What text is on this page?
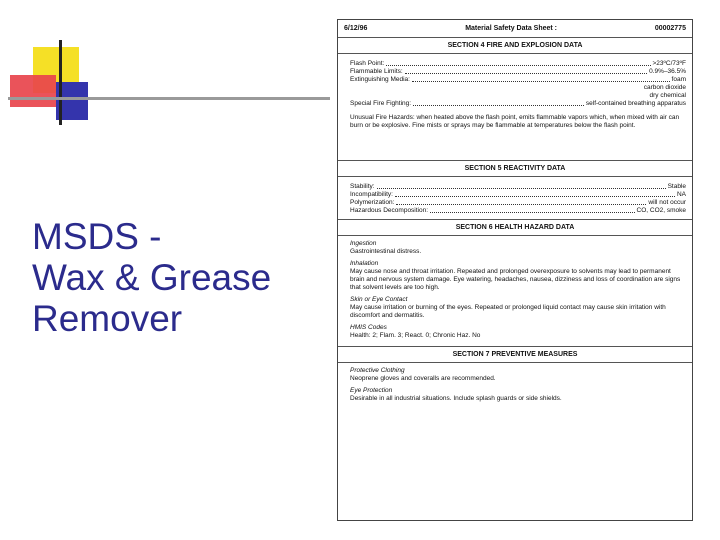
MSDS -
Wax & Grease
Remover
6/12/96	Material Safety Data Sheet :	00002775
SECTION 4 FIRE AND EXPLOSION DATA
Flash Point:	>23ºC/73ºF
Flammable Limits:	0.9%–36.5%
Extinguishing Media:	foam
carbon dioxide
dry chemical
Special Fire Fighting:	self-contained breathing apparatus
Unusual Fire Hazards: when heated above the flash point, emits flammable vapors which, when mixed with air can burn or be explosive. Fine mists or sprays may be flammable at temperatures below the flash point.
SECTION 5 REACTIVITY DATA
Stability:	Stable
Incompatibility:	NA
Polymerization:	will not occur
Hazardous Decomposition:	CO, CO2, smoke
SECTION 6 HEALTH HAZARD DATA
Ingestion
Gastrointestinal distress.
Inhalation
May cause nose and throat irritation. Repeated and prolonged overexposure to solvents may lead to permanent brain and nervous system damage. Eye watering, headaches, nausea, dizziness and loss of coordination are signs that solvent levels are too high.
Skin or Eye Contact
May cause irritation or burning of the eyes. Repeated or prolonged liquid contact may cause skin irritation with discomfort and dermatitis.
HMIS Codes
Health: 2; Flam. 3; React. 0; Chronic Haz. No
SECTION 7 PREVENTIVE MEASURES
Protective Clothing
Neoprene gloves and coveralls are recommended.
Eye Protection
Desirable in all industrial situations. Include splash guards or side shields.
